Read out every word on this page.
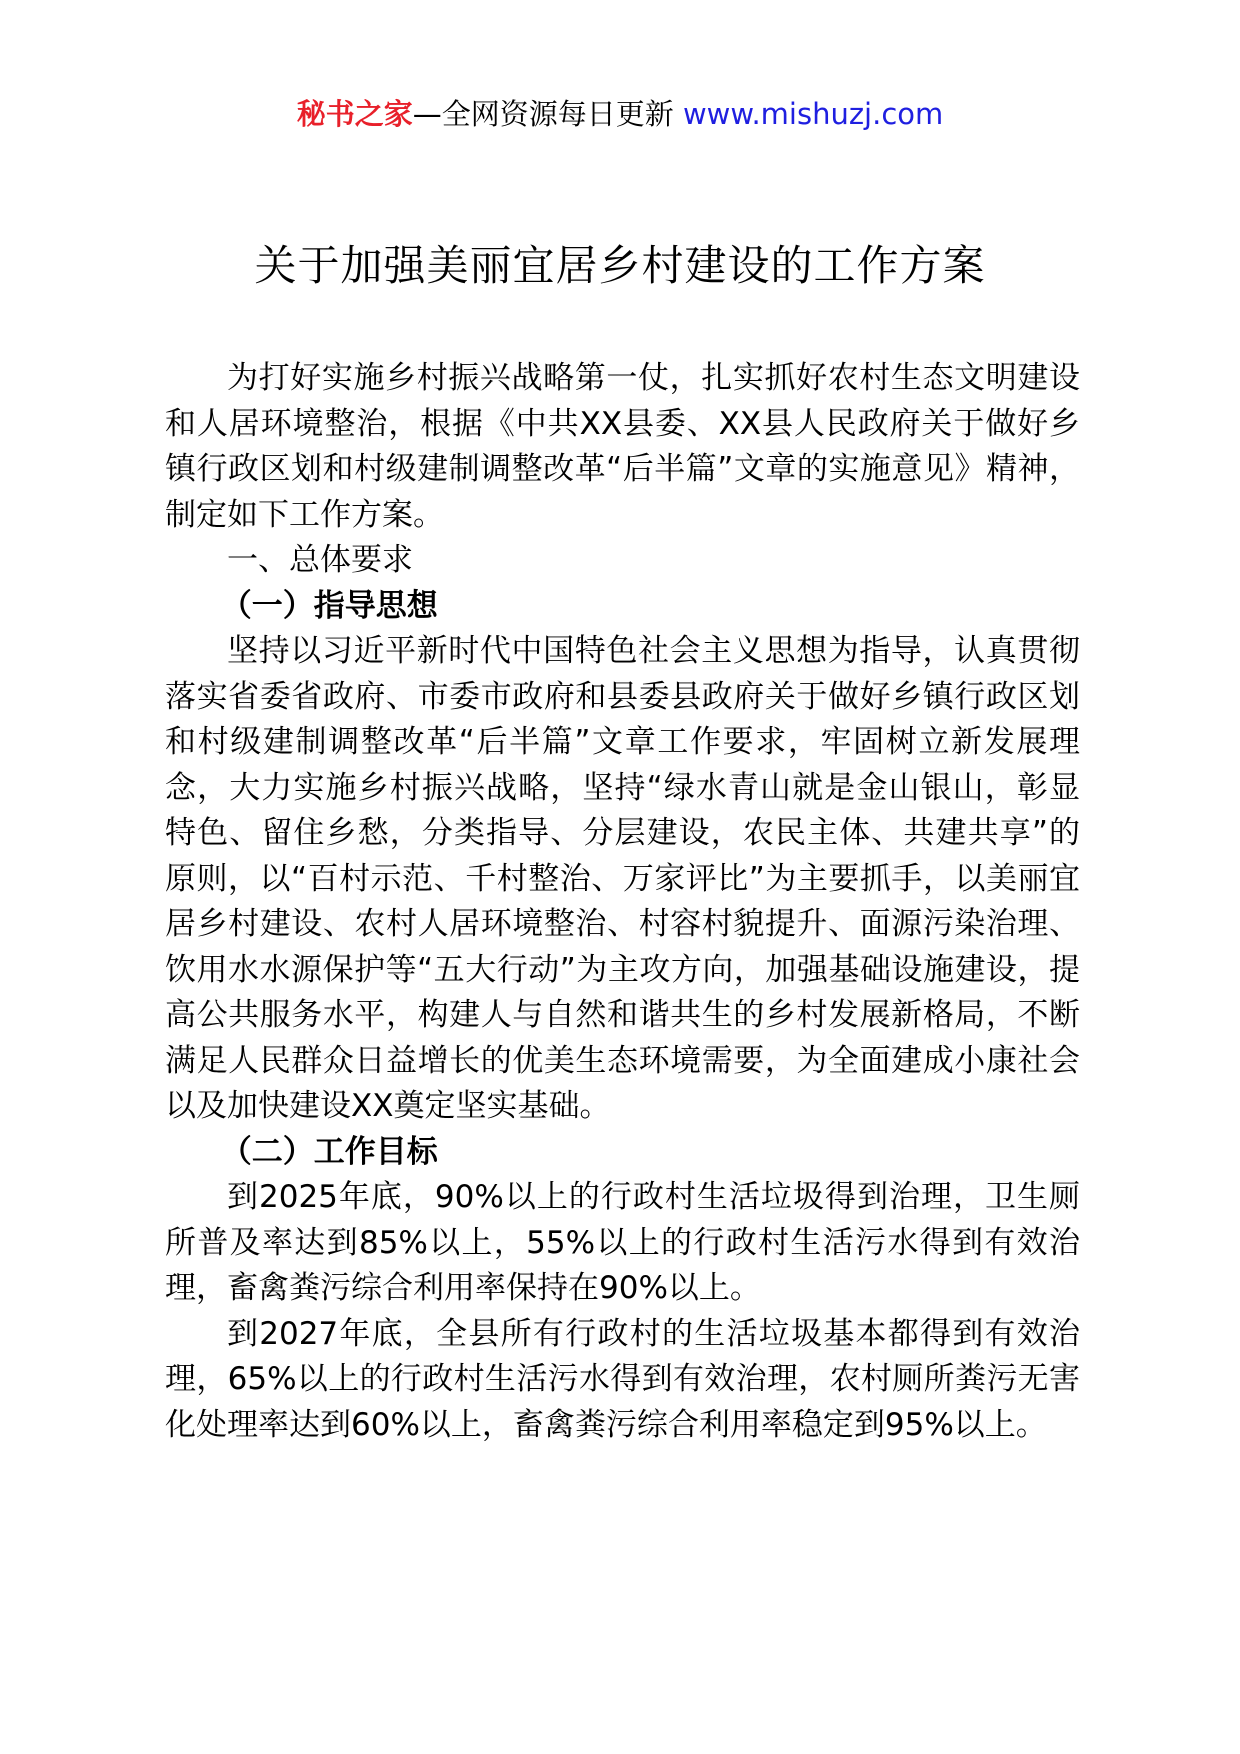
秘书之家—全网资源每日更新 www.mishuzj.com
关于加强美丽宜居乡村建设的工作方案

为打好实施乡村振兴战略第一仗，扎实抓好农村生态文明建设和人居环境整治，根据《中共XX县委、XX县人民政府关于做好乡镇行政区划和村级建制调整改革“后半篇”文章的实施意见》精神，制定如下工作方案。

一、总体要求

（一）指导思想

坚持以习近平新时代中国特色社会主义思想为指导，认真贯彻落实省委省政府、市委市政府和县委县政府关于做好乡镇行政区划和村级建制调整改革“后半篇”文章工作要求，牢固树立新发展理念，大力实施乡村振兴战略，坚持“绿水青山就是金山银山，彰显特色、留住乡愁，分类指导、分层建设，农民主体、共建共享”的原则，以“百村示范、千村整治、万家评比”为主要抓手，以美丽宜居乡村建设、农村人居环境整治、村容村貌提升、面源污染治理、饮用水水源保护等“五大行动”为主攻方向，加强基础设施建设，提高公共服务水平，构建人与自然和谐共生的乡村发展新格局，不断满足人民群众日益增长的优美生态环境需要，为全面建成小康社会以及加快建设XX奠定坚实基础。

（二）工作目标

到2025年底，90%以上的行政村生活垃圾得到治理，卫生厕所普及率达到85%以上，55%以上的行政村生活污水得到有效治理，畜禽粪污综合利用率保持在90%以上。

到2027年底，全县所有行政村的生活垃圾基本都得到有效治理，65%以上的行政村生活污水得到有效治理，农村厕所粪污无害化处理率达到60%以上，畜禽粪污综合利用率稳定到95%以上。
